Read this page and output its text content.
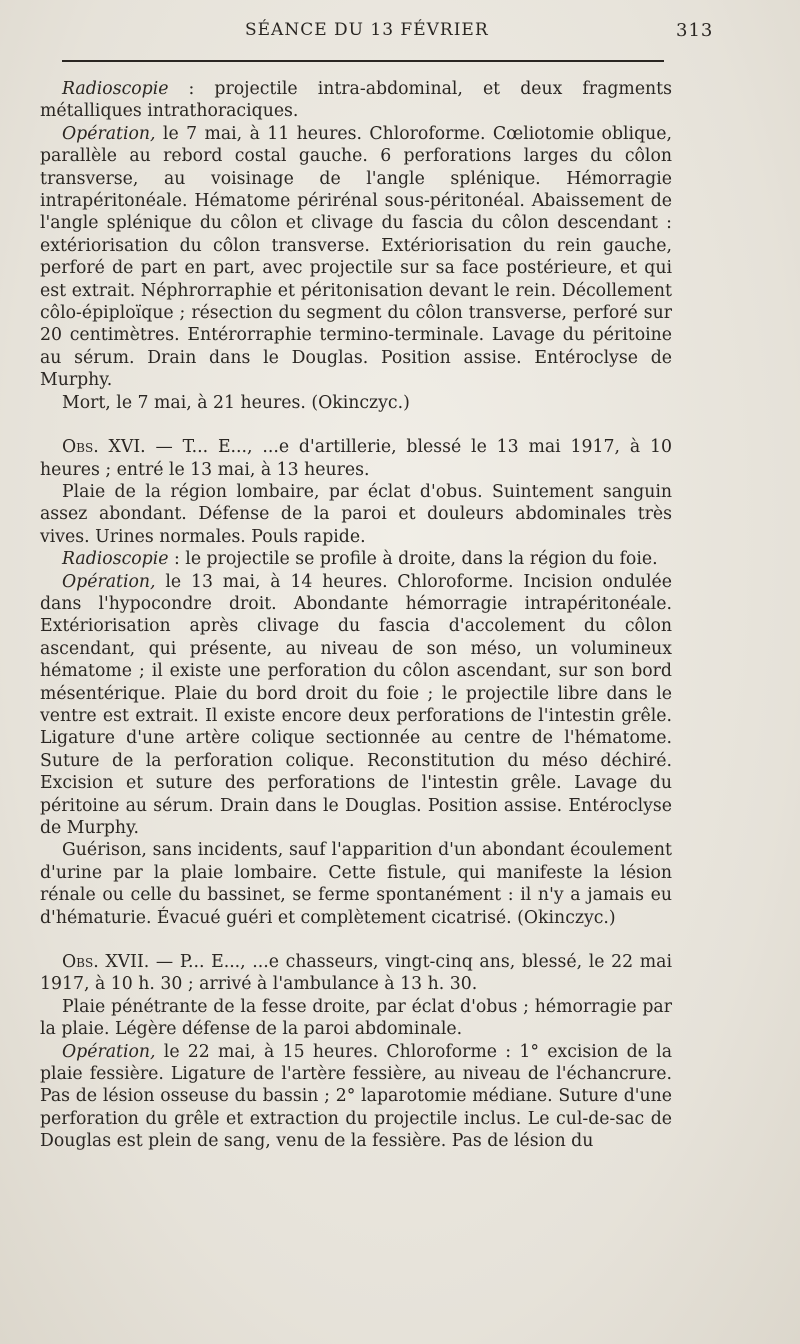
SÉANCE DU 13 FÉVRIER	313

Radioscopie : projectile intra-abdominal, et deux fragments métalliques intrathoraciques.

Opération, le 7 mai, à 11 heures. Chloroforme. Cœliotomie oblique, parallèle au rebord costal gauche. 6 perforations larges du côlon transverse, au voisinage de l'angle splénique. Hémorragie intrapéritonéale. Hématome périrénal sous-péritonéal. Abaissement de l'angle splénique du côlon et clivage du fascia du côlon descendant : extériorisation du côlon transverse. Extériorisation du rein gauche, perforé de part en part, avec projectile sur sa face postérieure, et qui est extrait. Néphrorraphie et péritonisation devant le rein. Décollement côlo-épiploïque ; résection du segment du côlon transverse, perforé sur 20 centimètres. Entérorraphie termino-terminale. Lavage du péritoine au sérum. Drain dans le Douglas. Position assise. Entéroclyse de Murphy.

Mort, le 7 mai, à 21 heures. (Okinczyc.)

Obs. XVI. — T... E..., ...e d'artillerie, blessé le 13 mai 1917, à 10 heures ; entré le 13 mai, à 13 heures.

Plaie de la région lombaire, par éclat d'obus. Suintement sanguin assez abondant. Défense de la paroi et douleurs abdominales très vives. Urines normales. Pouls rapide.

Radioscopie : le projectile se profile à droite, dans la région du foie.

Opération, le 13 mai, à 14 heures. Chloroforme. Incision ondulée dans l'hypocondre droit. Abondante hémorragie intrapéritonéale. Extériorisation après clivage du fascia d'accolement du côlon ascendant, qui présente, au niveau de son méso, un volumineux hématome ; il existe une perforation du côlon ascendant, sur son bord mésentérique. Plaie du bord droit du foie ; le projectile libre dans le ventre est extrait. Il existe encore deux perforations de l'intestin grêle. Ligature d'une artère colique sectionnée au centre de l'hématome. Suture de la perforation colique. Reconstitution du méso déchiré. Excision et suture des perforations de l'intestin grêle. Lavage du péritoine au sérum. Drain dans le Douglas. Position assise. Entéroclyse de Murphy.

Guérison, sans incidents, sauf l'apparition d'un abondant écoulement d'urine par la plaie lombaire. Cette fistule, qui manifeste la lésion rénale ou celle du bassinet, se ferme spontanément : il n'y a jamais eu d'hématurie. Évacué guéri et complètement cicatrisé. (Okinczyc.)

Obs. XVII. — P... E..., ...e chasseurs, vingt-cinq ans, blessé, le 22 mai 1917, à 10 h. 30 ; arrivé à l'ambulance à 13 h. 30.

Plaie pénétrante de la fesse droite, par éclat d'obus ; hémorragie par la plaie. Légère défense de la paroi abdominale.

Opération, le 22 mai, à 15 heures. Chloroforme : 1° excision de la plaie fessière. Ligature de l'artère fessière, au niveau de l'échancrure. Pas de lésion osseuse du bassin ; 2° laparotomie médiane. Suture d'une perforation du grêle et extraction du projectile inclus. Le cul-de-sac de Douglas est plein de sang, venu de la fessière. Pas de lésion du
